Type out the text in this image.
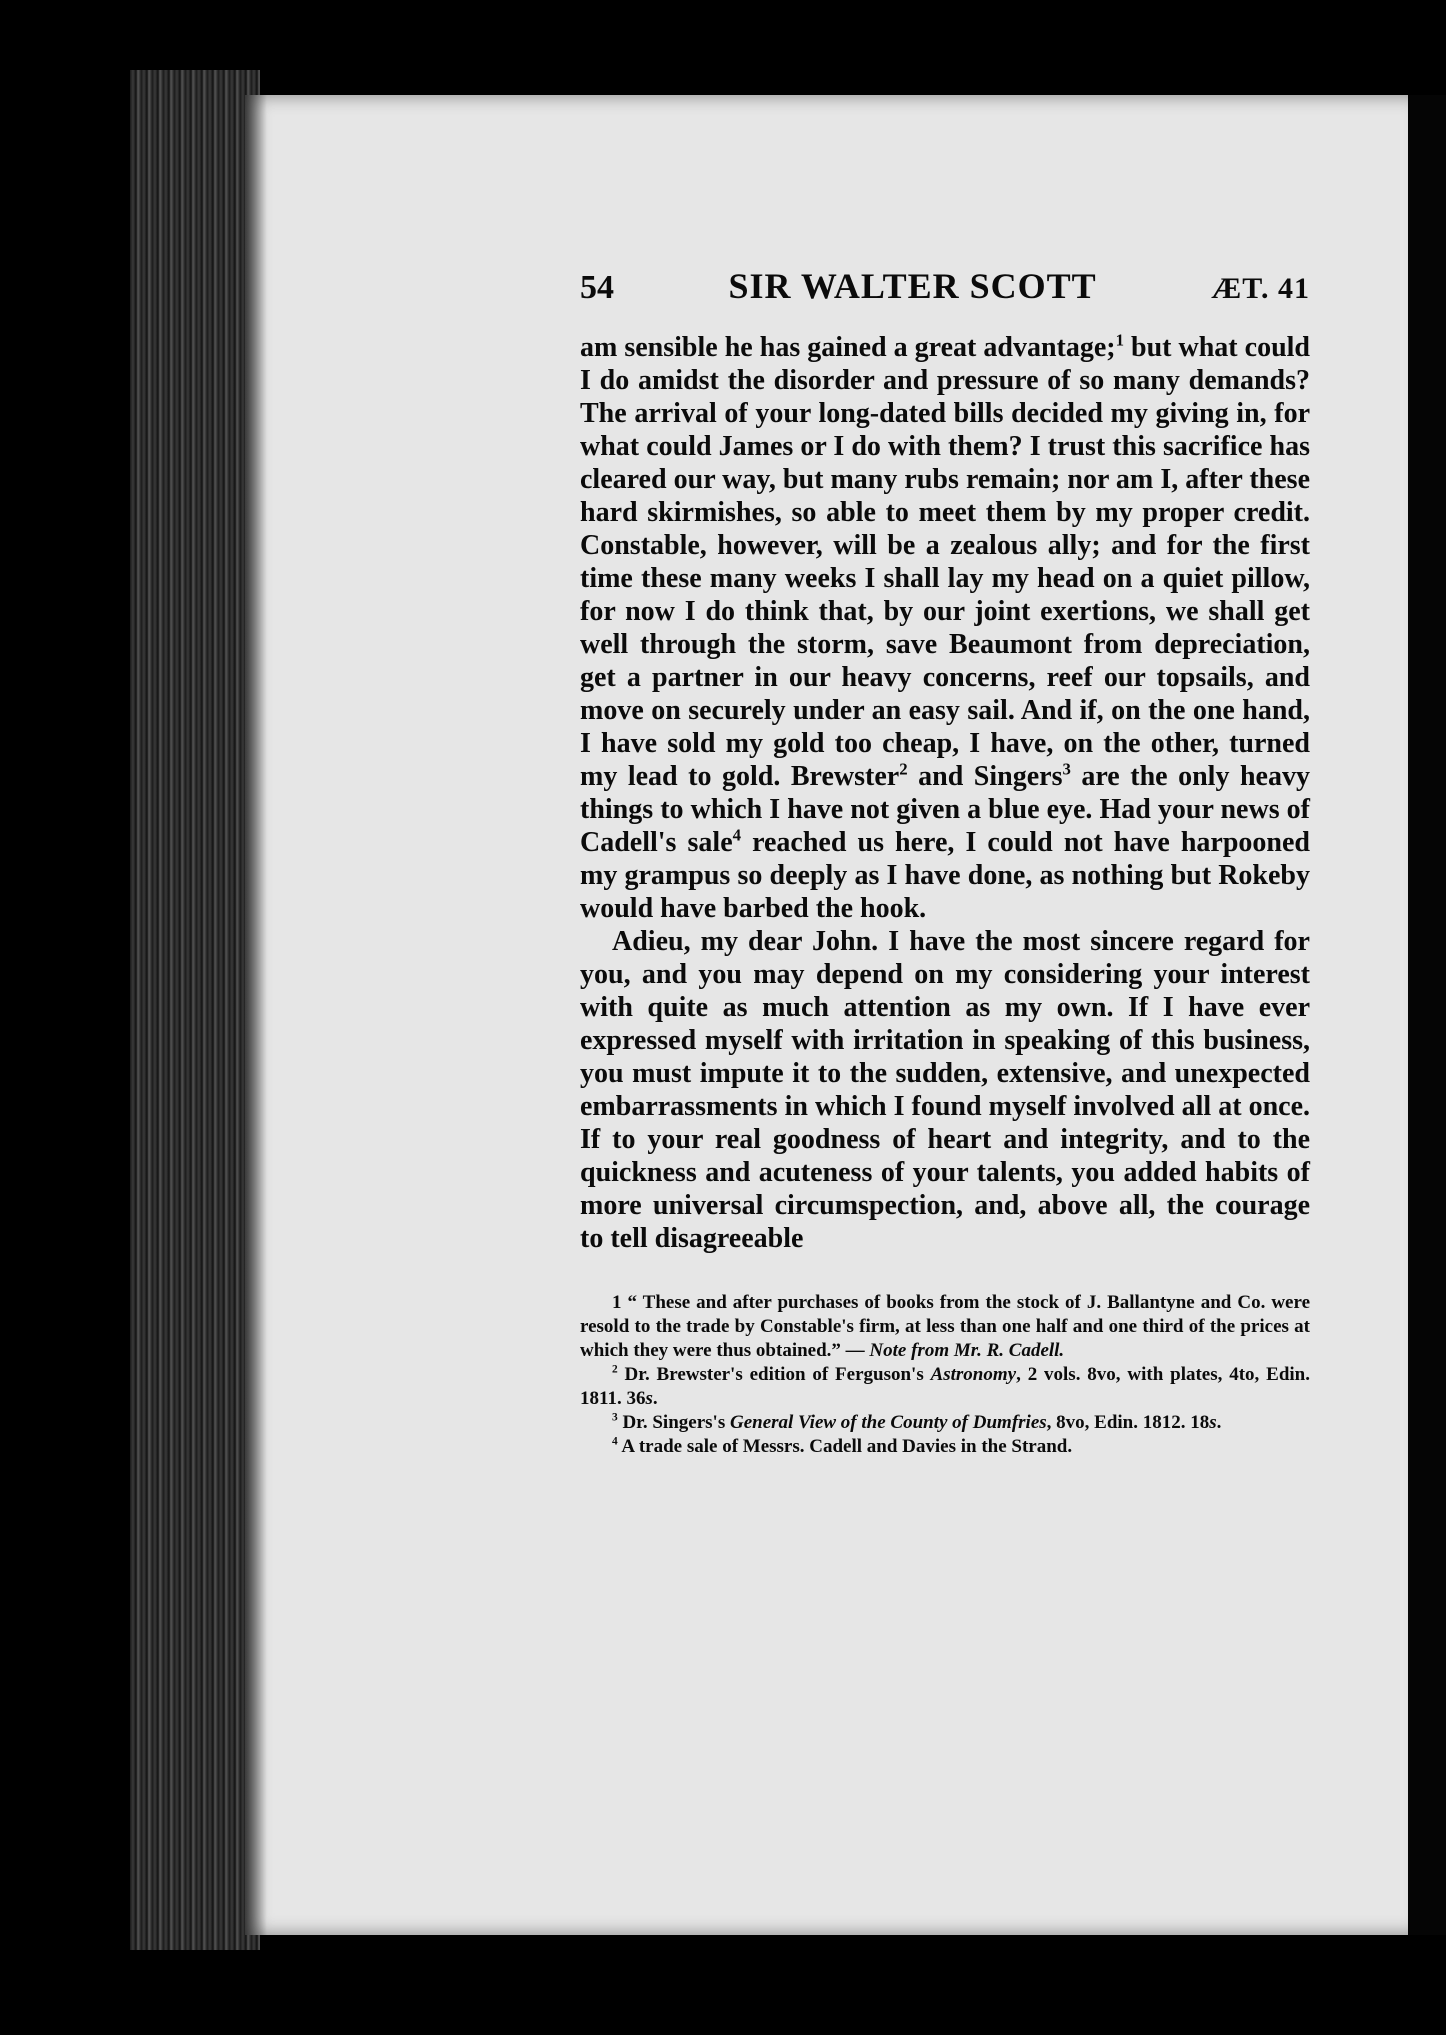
54	SIR WALTER SCOTT	ÆT. 41

am sensible he has gained a great advantage;$^1$ but what could I do amidst the disorder and pressure of so many demands? The arrival of your long-dated bills decided my giving in, for what could James or I do with them? I trust this sacrifice has cleared our way, but many rubs remain; nor am I, after these hard skirmishes, so able to meet them by my proper credit. Constable, however, will be a zealous ally; and for the first time these many weeks I shall lay my head on a quiet pillow, for now I do think that, by our joint exertions, we shall get well through the storm, save Beaumont from depreciation, get a partner in our heavy concerns, reef our topsails, and move on securely under an easy sail. And if, on the one hand, I have sold my gold too cheap, I have, on the other, turned my lead to gold. Brewster$^2$ and Singers$^3$ are the only heavy things to which I have not given a blue eye. Had your news of Cadell's sale$^4$ reached us here, I could not have harpooned my grampus so deeply as I have done, as nothing but Rokeby would have barbed the hook.

Adieu, my dear John. I have the most sincere regard for you, and you may depend on my considering your interest with quite as much attention as my own. If I have ever expressed myself with irritation in speaking of this business, you must impute it to the sudden, extensive, and unexpected embarrassments in which I found myself involved all at once. If to your real goodness of heart and integrity, and to the quickness and acuteness of your talents, you added habits of more universal circumspection, and, above all, the courage to tell disagreeable

1 “ These and after purchases of books from the stock of J. Ballantyne and Co. were resold to the trade by Constable's firm, at less than one half and one third of the prices at which they were thus obtained.” — Note from Mr. R. Cadell.

$^2$ Dr. Brewster's edition of Ferguson's Astronomy, 2 vols. 8vo, with plates, 4to, Edin. 1811. 36s.

$^3$ Dr. Singers's General View of the County of Dumfries, 8vo, Edin. 1812. 18s.

$^4$ A trade sale of Messrs. Cadell and Davies in the Strand.
